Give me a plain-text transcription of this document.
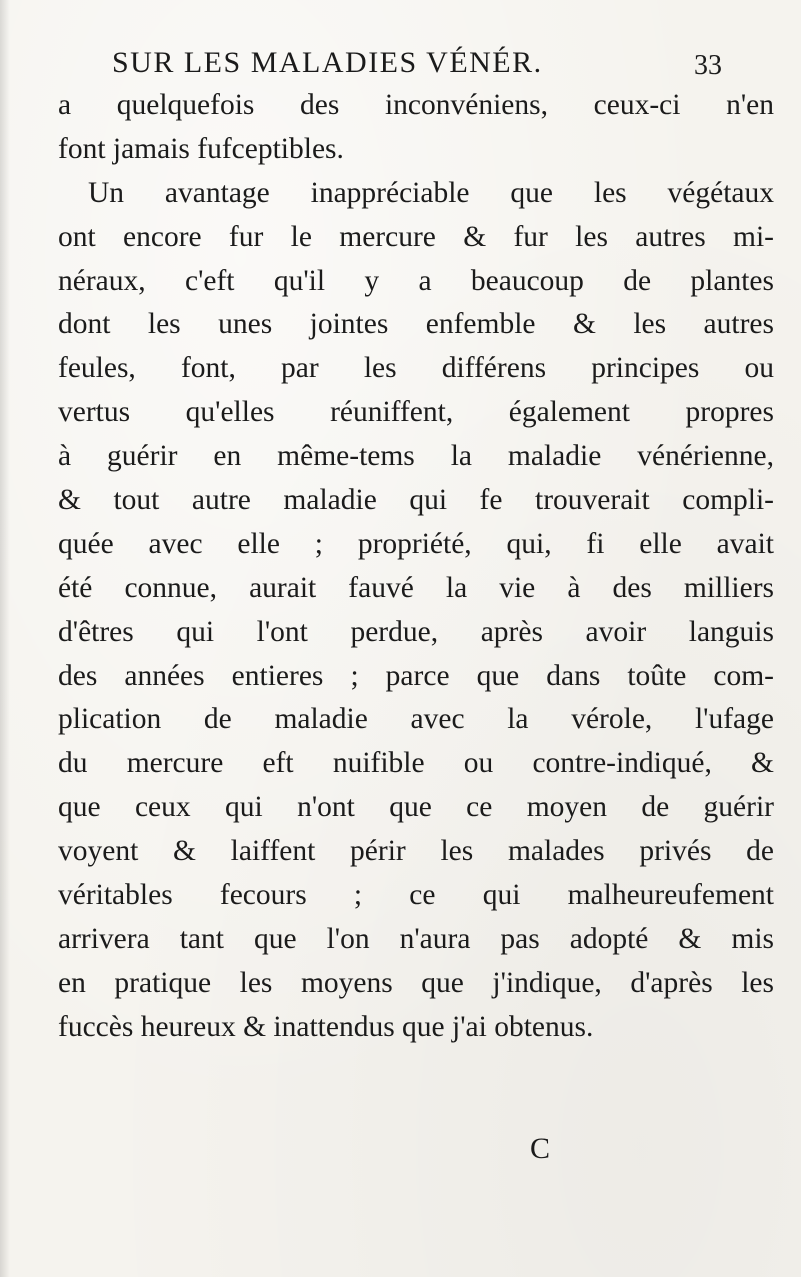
SUR LES MALADIES VÉNÉR.	33
a quelquefois des inconvéniens, ceux-ci n'en
font jamais fufceptibles.
Un avantage inappréciable que les végétaux
ont encore fur le mercure & fur les autres mi-
néraux, c'eft qu'il y a beaucoup de plantes
dont les unes jointes enfemble & les autres
feules, font, par les différens principes ou
vertus qu'elles réuniffent, également propres
à guérir en même-tems la maladie vénérienne,
& tout autre maladie qui fe trouverait compli-
quée avec elle ; propriété, qui, fi elle avait
été connue, aurait fauvé la vie à des milliers
d'êtres qui l'ont perdue, après avoir languis
des années entieres ; parce que dans toûte com-
plication de maladie avec la vérole, l'ufage
du mercure eft nuifible ou contre-indiqué, &
que ceux qui n'ont que ce moyen de guérir
voyent & laiffent périr les malades privés de
véritables fecours ; ce qui malheureufement
arrivera tant que l'on n'aura pas adopté & mis
en pratique les moyens que j'indique, d'après les
fuccès heureux & inattendus que j'ai obtenus.
C
